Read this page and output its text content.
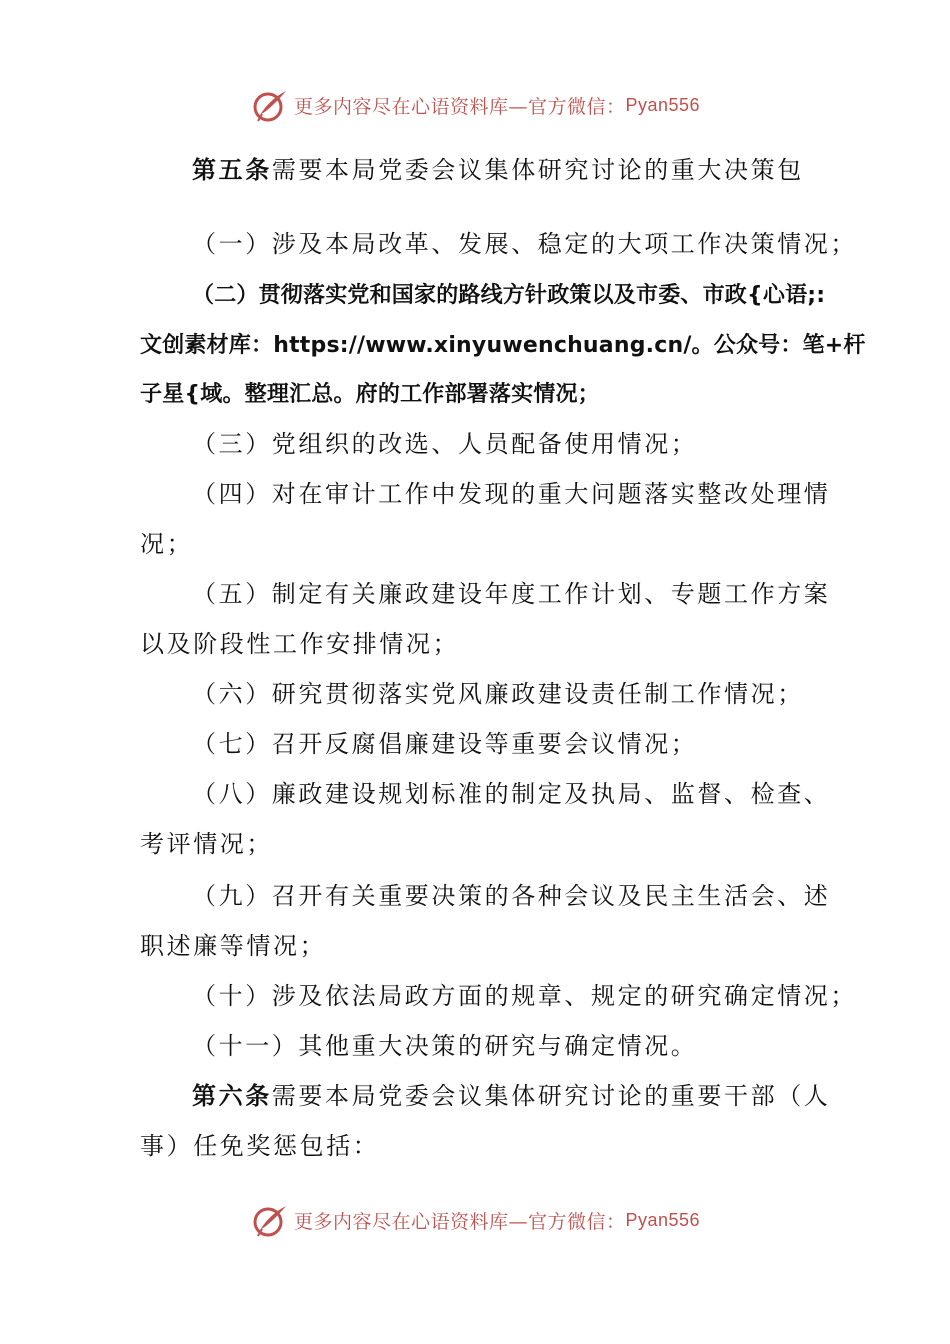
更多内容尽在心语资料库—官方微信： Pyan556
第五条需要本局党委会议集体研究讨论的重大决策包
（一）涉及本局改革、发展、稳定的大项工作决策情况；
（二）贯彻落实党和国家的路线方针政策以及市委、市政{心语;:
文创素材库：https://www.xinyuwenchuang.cn/。公众号：笔+杆
子星{域。整理汇总。府的工作部署落实情况；
（三）党组织的改选、人员配备使用情况；
（四）对在审计工作中发现的重大问题落实整改处理情
况；
（五）制定有关廉政建设年度工作计划、专题工作方案
以及阶段性工作安排情况；
（六）研究贯彻落实党风廉政建设责任制工作情况；
（七）召开反腐倡廉建设等重要会议情况；
（八）廉政建设规划标准的制定及执局、监督、检查、
考评情况；
（九）召开有关重要决策的各种会议及民主生活会、述
职述廉等情况；
（十）涉及依法局政方面的规章、规定的研究确定情况；
（十一）其他重大决策的研究与确定情况。
第六条需要本局党委会议集体研究讨论的重要干部（人
事）任免奖惩包括：
更多内容尽在心语资料库—官方微信： Pyan556
